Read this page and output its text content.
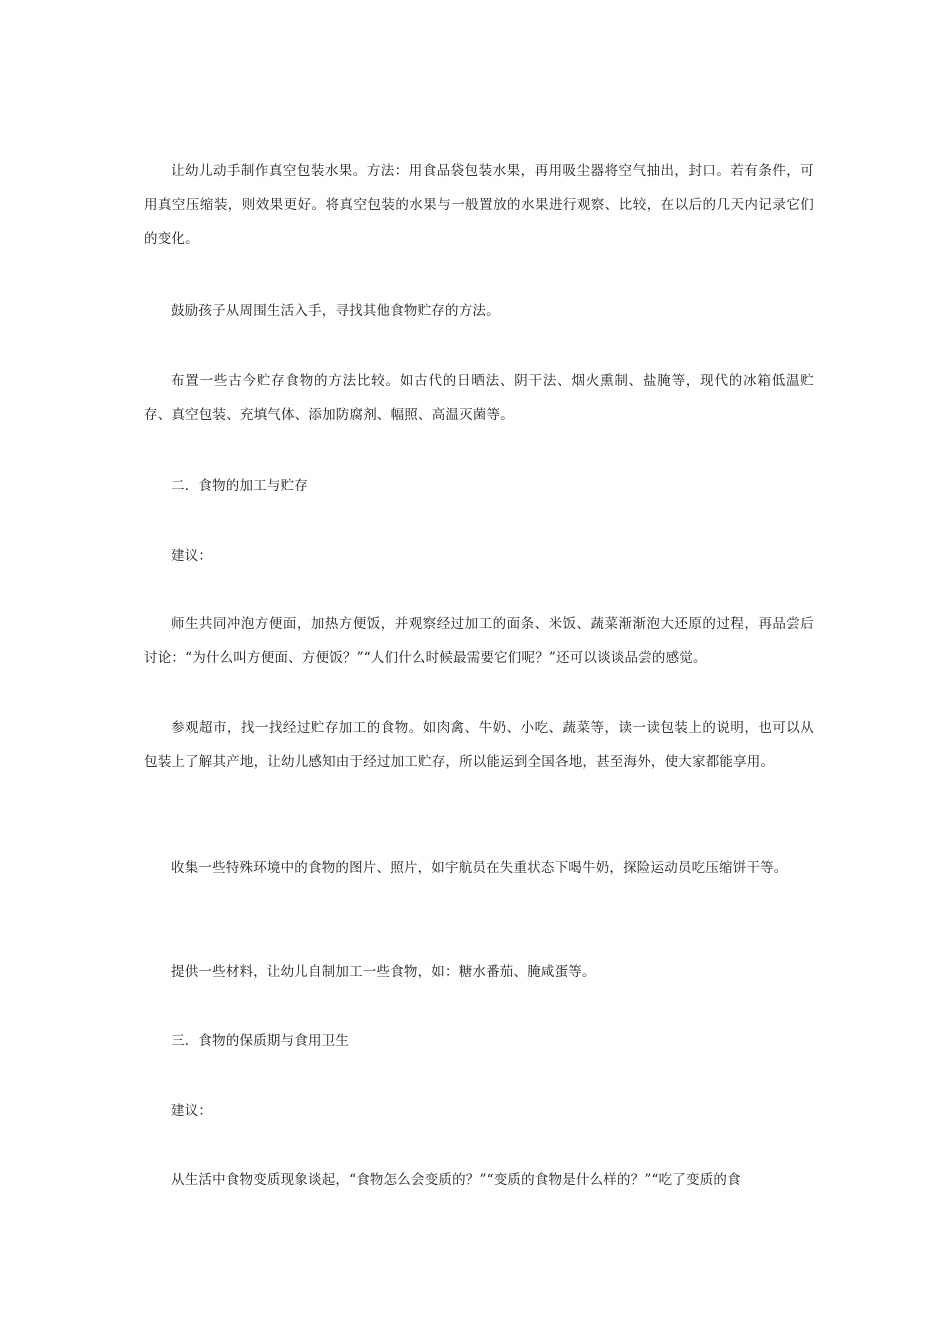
让幼儿动手制作真空包装水果。方法：用食品袋包装水果，再用吸尘器将空气抽出，封口。若有条件，可用真空压缩装，则效果更好。将真空包装的水果与一般置放的水果进行观察、比较，在以后的几天内记录它们的变化。

鼓励孩子从周围生活入手，寻找其他食物贮存的方法。

布置一些古今贮存食物的方法比较。如古代的日晒法、阴干法、烟火熏制、盐腌等，现代的冰箱低温贮存、真空包装、充填气体、添加防腐剂、幅照、高温灭菌等。

二．食物的加工与贮存

建议：

师生共同冲泡方便面，加热方便饭，并观察经过加工的面条、米饭、蔬菜渐渐泡大还原的过程，再品尝后讨论：“为什么叫方便面、方便饭？”“人们什么时候最需要它们呢？”还可以谈谈品尝的感觉。

参观超市，找一找经过贮存加工的食物。如肉禽、牛奶、小吃、蔬菜等，读一读包装上的说明，也可以从包装上了解其产地，让幼儿感知由于经过加工贮存，所以能运到全国各地，甚至海外，使大家都能享用。

收集一些特殊环境中的食物的图片、照片，如宇航员在失重状态下喝牛奶，探险运动员吃压缩饼干等。

提供一些材料，让幼儿自制加工一些食物，如：糖水番茄、腌咸蛋等。

三．食物的保质期与食用卫生

建议：

从生活中食物变质现象谈起，“食物怎么会变质的？”“变质的食物是什么样的？”“吃了变质的食
